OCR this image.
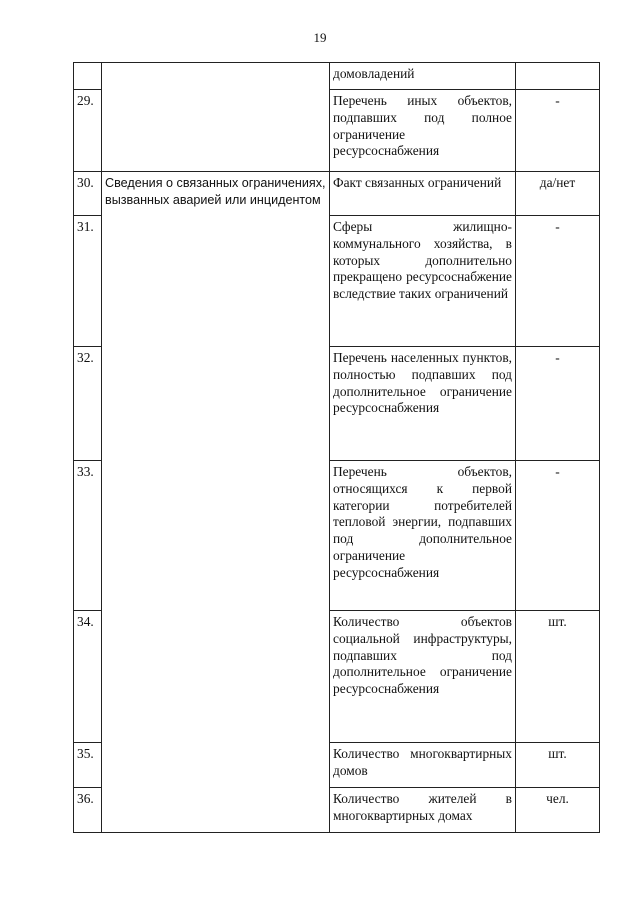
19
		домовладений	
29.		Перечень иных объектов, подпавших под полное ограничение ресурсоснабжения	-
30.	Сведения о связанных ограничениях, вызванных аварией или инцидентом	Факт связанных ограничений	да/нет
31.		Сферы жилищно-коммунального хозяйства, в которых дополнительно прекращено ресурсоснабжение вследствие таких ограничений	-
32.		Перечень населенных пунктов, полностью подпавших под дополнительное ограничение ресурсоснабжения	-
33.		Перечень объектов, относящихся к первой категории потребителей тепловой энергии, подпавших под дополнительное ограничение ресурсоснабжения	-
34.		Количество объектов социальной инфраструктуры, подпавших под дополнительное ограничение ресурсоснабжения	шт.
35.		Количество многоквартирных домов	шт.
36.		Количество жителей в многоквартирных домах	чел.
